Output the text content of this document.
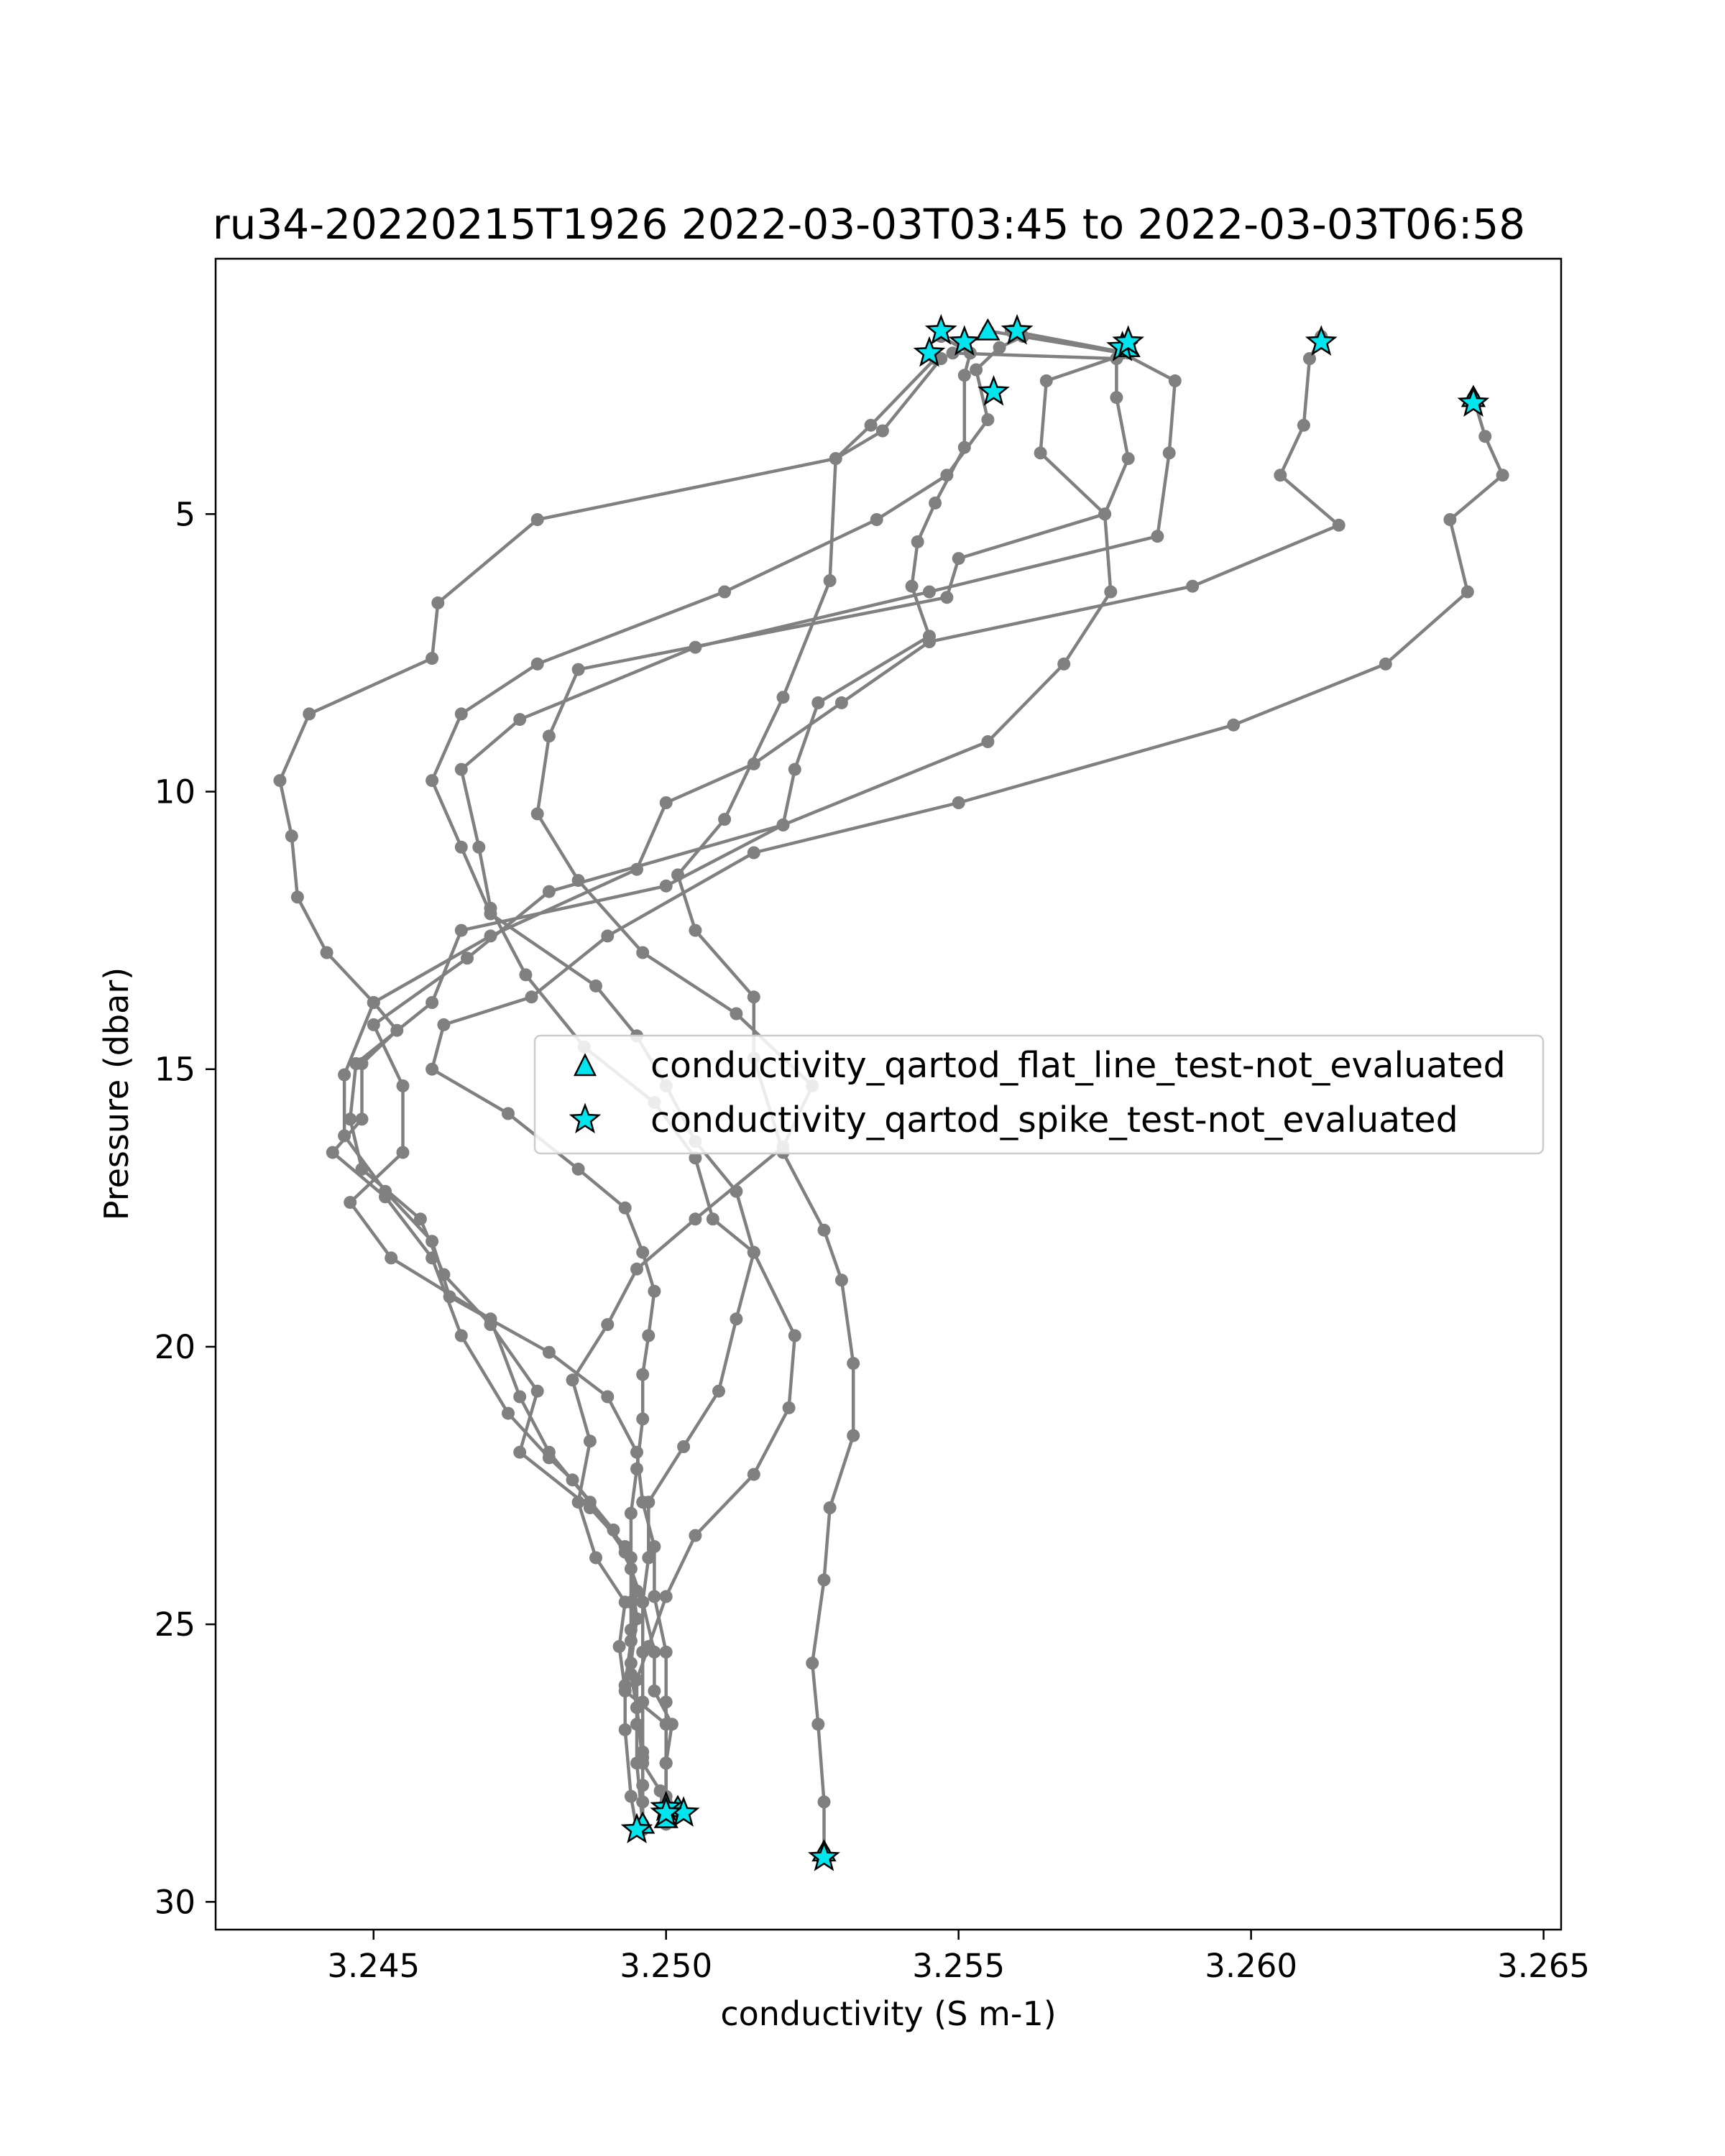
ru34-20220215T1926 2022-03-03T03:45 to 2022-03-03T06:58
3.245	3.250	3.255	3.260	3.265
5
10
15
20
25
30
conductivity (S m-1)
Pressure (dbar)	conductivity_qartod_flat_line_test-not_evaluated
conductivity_qartod_spike_test-not_evaluated
